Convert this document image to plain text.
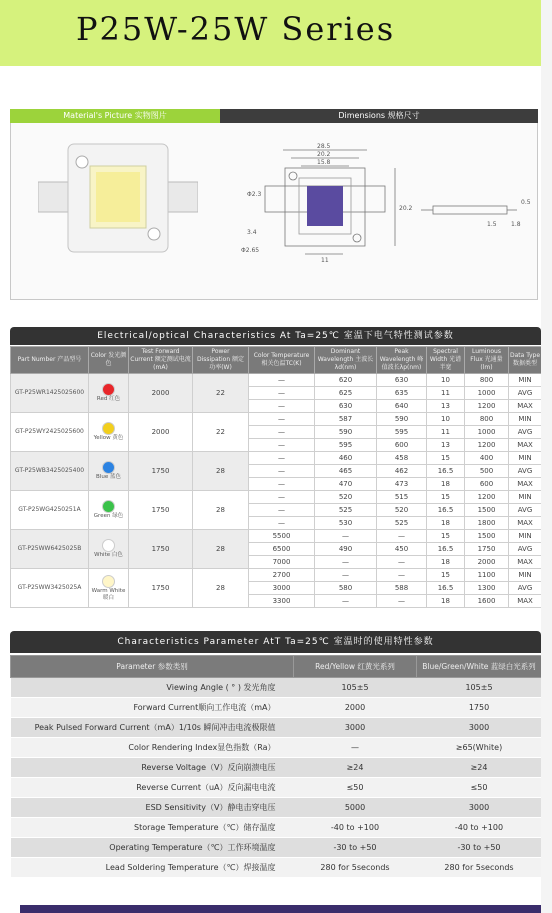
P25W-25W Series
Material's Picture 实物图片	Dimensions 规格尺寸
28.5
20.2
15.8
Φ2.3
20.2
3.4
Φ2.65
11
1.5 1.8
0.5
Electrical/optical Characteristics At Ta=25℃ 室温下电气特性测试参数
Part Number 产品型号	Color 发光颜色	Test Forward Current 额定测试电流(mA)	Power Dissipation 额定功率(W)	Color Temperature 相关色温TC(K)	Dominant Wavelength 主波长λd(nm)	Peak Wavelength 峰值波长λp(nm)	Spectral Width 光谱半宽	Luminous Flux 光通量(lm)	Data Type 数据类型
GT-P25WR1425025600	Red 红色	2000	22	—	620	630	10	800	MIN
				—	625	635	11	1000	AVG
				—	630	640	13	1200	MAX
GT-P25WY2425025600	Yellow 黄色	2000	22	—	587	590	10	800	MIN
				—	590	595	11	1000	AVG
				—	595	600	13	1200	MAX
GT-P25WB3425025400	Blue 蓝色	1750	28	—	460	458	15	400	MIN
				—	465	462	16.5	500	AVG
				—	470	473	18	600	MAX
GT-P25WG4250251A	Green 绿色	1750	28	—	520	515	15	1200	MIN
				—	525	520	16.5	1500	AVG
				—	530	525	18	1800	MAX
GT-P25WW6425025B	White 白色	1750	28	5500	—	—	15	1500	MIN
				6500	490	450	16.5	1750	AVG
				7000	—	—	18	2000	MAX
GT-P25WW3425025A	Warm White 暖白	1750	28	2700	—	—	15	1100	MIN
				3000	580	588	16.5	1300	AVG
				3300	—	—	18	1600	MAX
Characteristics Parameter AtT Ta=25℃ 室温时的使用特性参数
Parameter 参数类别	Red/Yellow 红黄光系列	Blue/Green/White 蓝绿白光系列
Viewing Angle ( ° ) 发光角度	105±5	105±5
Forward Current顺向工作电流（mA）	2000	1750
Peak Pulsed Forward Current（mA）1/10s 瞬间冲击电流极限值	3000	3000
Color Rendering Index显色指数（Ra）	—	≥65(White)
Reverse Voltage（V）反向崩溃电压	≥24	≥24
Reverse Current（uA）反向漏电电流	≤50	≤50
ESD Sensitivity（V）静电击穿电压	5000	3000
Storage Temperature（℃）储存温度	-40 to +100	-40 to +100
Operating Temperature（℃）工作环境温度	-30 to +50	-30 to +50
Lead Soldering Temperature（℃）焊接温度	280 for 5seconds	280 for 5seconds
